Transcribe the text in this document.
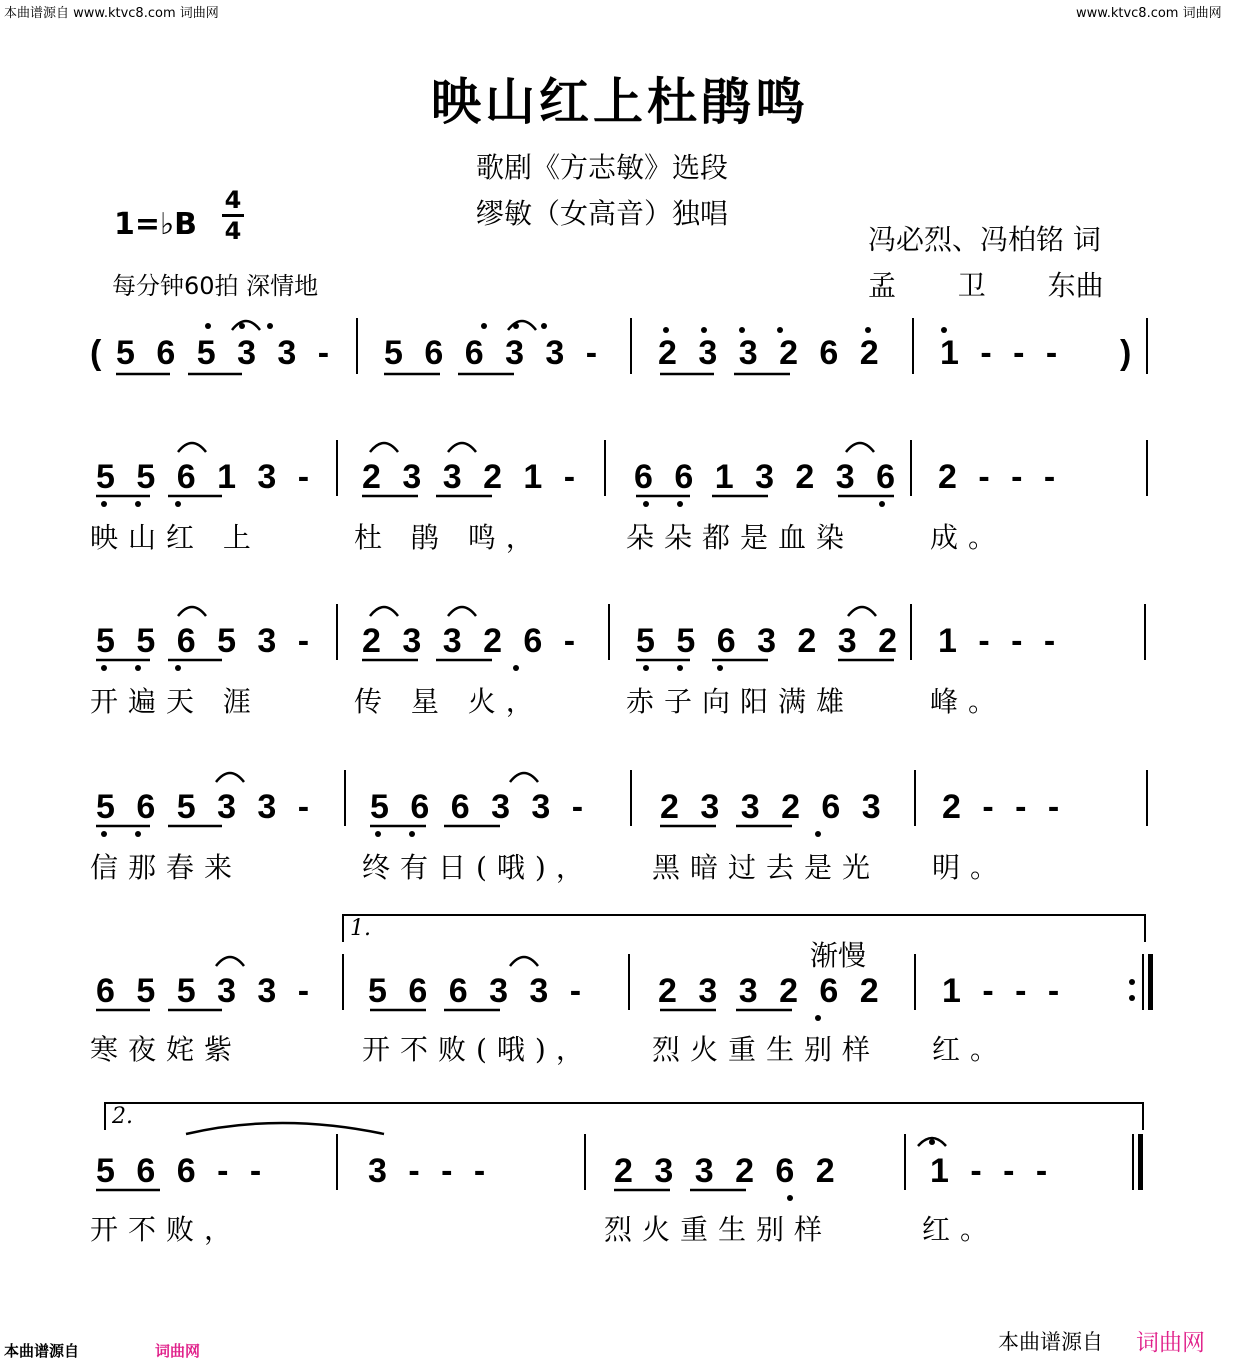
本曲谱源自 www.ktvc8.com 词曲网	www.ktvc8.com 词曲网
本曲谱源自	词曲网	本曲谱源自 词曲网
映山红上杜鹃鸣
歌剧《方志敏》选段
缪敏（女高音）独唱
1=♭B
4
4	冯必烈、冯柏铭 词
每分钟60拍 深情地	孟  卫  东曲
( 5 6 5 3 3 - 5 6 6 3 3 - 2 3 3 2 6 2 1 - - - )
5 5 6 1 3 - 2 3 3 2 1 - 6 6 1 3 2 3 6 2 - - -
映山红 上	杜 鹃 鸣，	朵朵都是血染	成。
5 5 6 5 3 - 2 3 3 2 6 - 5 5 6 3 2 3 2 1 - - -
开遍天 涯	传 星 火，	赤子向阳满雄	峰。
5 6 5 3 3 - 5 6 6 3 3 - 2 3 3 2 6 3 2 - - -
信那春来	终有日(哦)， 黑暗过去是光 明。
1.
渐慢
6 5 5 3 3 - 5 6 6 3 3 - 2 3 3 2 6 2 1 - - -
寒夜姹紫	开不败(哦)， 烈火重生别样 红。
2.
5 6 6 - -	3 - - -	2 3 3 2 6 2	1 - - -
开不败，	烈火重生别样	红。
